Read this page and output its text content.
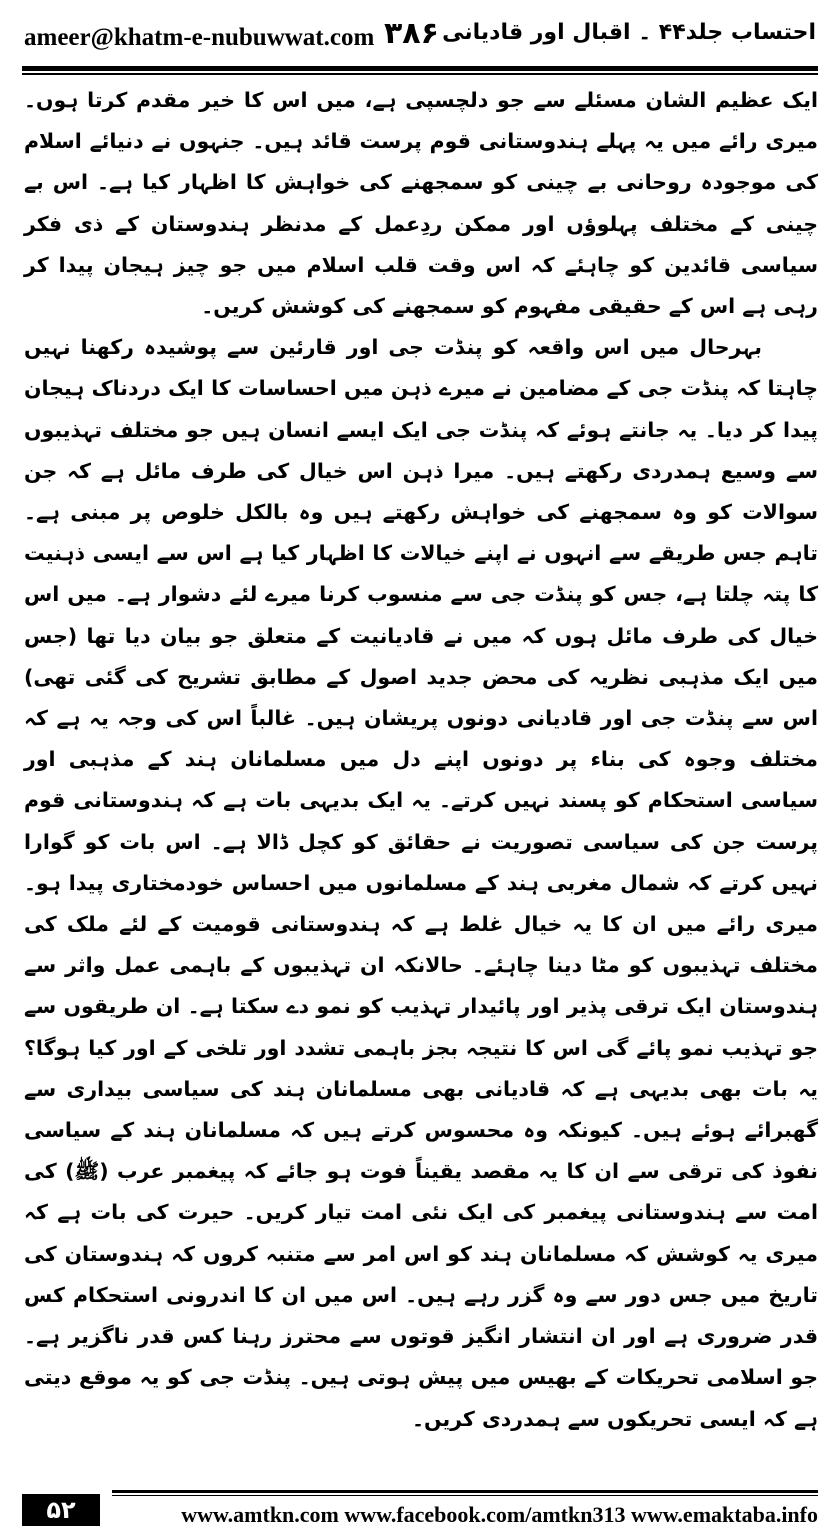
ameer@khatm-e-nubuwwat.com ۳۸۶ احتساب جلد۴۴ ۔ اقبال اور قادیانی

ایک عظیم الشان مسئلے سے جو دلچسپی ہے، میں اس کا خیر مقدم کرتا ہوں۔ میری رائے میں یہ پہلے ہندوستانی قوم پرست قائد ہیں۔ جنہوں نے دنیائے اسلام کی موجودہ روحانی بے چینی کو سمجھنے کی خواہش کا اظہار کیا ہے۔ اس بے چینی کے مختلف پہلوؤں اور ممکن ردِعمل کے مدنظر ہندوستان کے ذی فکر سیاسی قائدین کو چاہئے کہ اس وقت قلب اسلام میں جو چیز ہیجان پیدا کر رہی ہے اس کے حقیقی مفہوم کو سمجھنے کی کوشش کریں۔

بہرحال میں اس واقعہ کو پنڈت جی اور قارئین سے پوشیدہ رکھنا نہیں چاہتا کہ پنڈت جی کے مضامین نے میرے ذہن میں احساسات کا ایک دردناک ہیجان پیدا کر دیا۔ یہ جانتے ہوئے کہ پنڈت جی ایک ایسے انسان ہیں جو مختلف تہذیبوں سے وسیع ہمدردی رکھتے ہیں۔ میرا ذہن اس خیال کی طرف مائل ہے کہ جن سوالات کو وہ سمجھنے کی خواہش رکھتے ہیں وہ بالکل خلوص پر مبنی ہے۔ تاہم جس طریقے سے انہوں نے اپنے خیالات کا اظہار کیا ہے اس سے ایسی ذہنیت کا پتہ چلتا ہے، جس کو پنڈت جی سے منسوب کرنا میرے لئے دشوار ہے۔ میں اس خیال کی طرف مائل ہوں کہ میں نے قادیانیت کے متعلق جو بیان دیا تھا (جس میں ایک مذہبی نظریہ کی محض جدید اصول کے مطابق تشریح کی گئی تھی) اس سے پنڈت جی اور قادیانی دونوں پریشان ہیں۔ غالباً اس کی وجہ یہ ہے کہ مختلف وجوہ کی بناء پر دونوں اپنے دل میں مسلمانان ہند کے مذہبی اور سیاسی استحکام کو پسند نہیں کرتے۔ یہ ایک بدیہی بات ہے کہ ہندوستانی قوم پرست جن کی سیاسی تصوریت نے حقائق کو کچل ڈالا ہے۔ اس بات کو گوارا نہیں کرتے کہ شمال مغربی ہند کے مسلمانوں میں احساس خودمختاری پیدا ہو۔ میری رائے میں ان کا یہ خیال غلط ہے کہ ہندوستانی قومیت کے لئے ملک کی مختلف تہذیبوں کو مٹا دینا چاہئے۔ حالانکہ ان تہذیبوں کے باہمی عمل واثر سے ہندوستان ایک ترقی پذیر اور پائیدار تہذیب کو نمو دے سکتا ہے۔ ان طریقوں سے جو تہذیب نمو پائے گی اس کا نتیجہ بجز باہمی تشدد اور تلخی کے اور کیا ہوگا؟ یہ بات بھی بدیہی ہے کہ قادیانی بھی مسلمانان ہند کی سیاسی بیداری سے گھبرائے ہوئے ہیں۔ کیونکہ وہ محسوس کرتے ہیں کہ مسلمانان ہند کے سیاسی نفوذ کی ترقی سے ان کا یہ مقصد یقیناً فوت ہو جائے کہ پیغمبر عرب (ﷺ) کی امت سے ہندوستانی پیغمبر کی ایک نئی امت تیار کریں۔ حیرت کی بات ہے کہ میری یہ کوشش کہ مسلمانان ہند کو اس امر سے متنبہ کروں کہ ہندوستان کی تاریخ میں جس دور سے وہ گزر رہے ہیں۔ اس میں ان کا اندرونی استحکام کس قدر ضروری ہے اور ان انتشار انگیز قوتوں سے محترز رہنا کس قدر ناگزیر ہے۔ جو اسلامی تحریکات کے بھیس میں پیش ہوتی ہیں۔ پنڈت جی کو یہ موقع دیتی ہے کہ ایسی تحریکوں سے ہمدردی کریں۔

۵۲	www.amtkn.com www.facebook.com/amtkn313 www.emaktaba.info
